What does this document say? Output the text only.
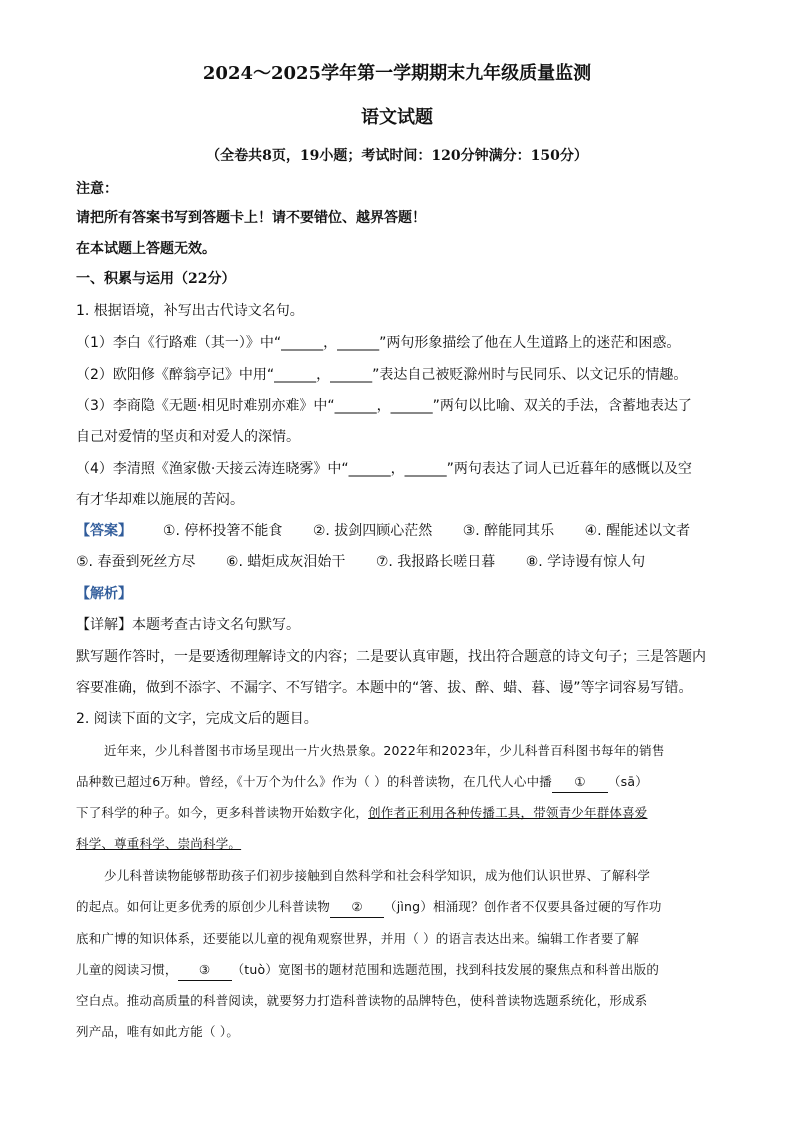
2024～2025学年第一学期期末九年级质量监测
语文试题
（全卷共8页，19小题；考试时间：120分钟满分：150分）
注意：
请把所有答案书写到答题卡上！请不要错位、越界答题！
在本试题上答题无效。
一、积累与运用（22分）
1. 根据语境，补写出古代诗文名句。
（1）李白《行路难（其一）》中“______，______”两句形象描绘了他在人生道路上的迷茫和困惑。
（2）欧阳修《醉翁亭记》中用“______，______”表达自己被贬滁州时与民同乐、以文记乐的情趣。
（3）李商隐《无题·相见时难别亦难》中“______，______”两句以比喻、双关的手法，含蓄地表达了
自己对爱情的坚贞和对爱人的深情。
（4）李清照《渔家傲·天接云涛连晓雾》中“______，______”两句表达了词人已近暮年的感慨以及空
有才华却难以施展的苦闷。
【答案】 ①. 停杯投箸不能食 ②. 拔剑四顾心茫然 ③. 醉能同其乐 ④. 醒能述以文者
⑤. 春蚕到死丝方尽 ⑥. 蜡炬成灰泪始干 ⑦. 我报路长嗟日暮 ⑧. 学诗谩有惊人句
【解析】
【详解】本题考查古诗文名句默写。
默写题作答时，一是要透彻理解诗文的内容；二是要认真审题，找出符合题意的诗文句子；三是答题内
容要准确，做到不添字、不漏字、不写错字。本题中的“箸、拔、醉、蜡、暮、谩”等字词容易写错。
2. 阅读下面的文字，完成文后的题目。
近年来，少儿科普图书市场呈现出一片火热景象。2022年和2023年，少儿科普百科图书每年的销售
品种数已超过6万种。曾经，《十万个为什么》作为（ ）的科普读物，在几代人心中播 ① （sā）
下了科学的种子。如今，更多科普读物开始数字化，创作者正利用各种传播工具，带领青少年群体喜爱
科学、尊重科学、崇尚科学。
少儿科普读物能够帮助孩子们初步接触到自然科学和社会科学知识，成为他们认识世界、了解科学
的起点。如何让更多优秀的原创少儿科普读物 ② （jìng）相涌现？创作者不仅要具备过硬的写作功
底和广博的知识体系，还要能以儿童的视角观察世界，并用（ ）的语言表达出来。编辑工作者要了解
儿童的阅读习惯， ③ （tuò）宽图书的题材范围和选题范围，找到科技发展的聚焦点和科普出版的
空白点。推动高质量的科普阅读，就要努力打造科普读物的品牌特色，使科普读物选题系统化，形成系
列产品，唯有如此方能（ ）。
